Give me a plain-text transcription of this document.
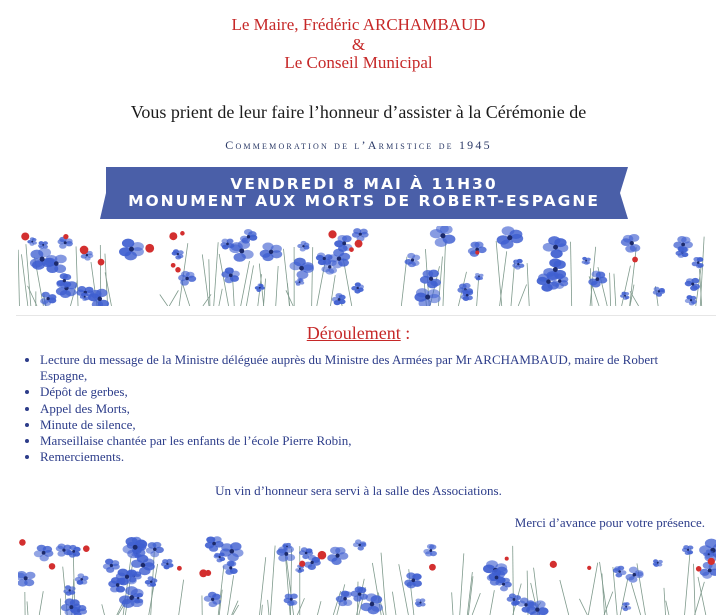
Le Maire, Frédéric ARCHAMBAUD
&
Le Conseil Municipal
Vous prient de leur faire l’honneur d’assister à la Cérémonie de
Commemoration de l’Armistice de 1945
VENDREDI 8 MAI À 11H30
MONUMENT AUX MORTS DE ROBERT-ESPAGNE
Déroulement :
• Lecture du message de la Ministre déléguée auprès du Ministre des Armées par Mr ARCHAMBAUD, maire de Robert Espagne,
• Dépôt de gerbes,
• Appel des Morts,
• Minute de silence,
• Marseillaise chantée par les enfants de l’école Pierre Robin,
• Remerciements.
Un vin d’honneur sera servi à la salle des Associations.
Merci d’avance pour votre présence.
